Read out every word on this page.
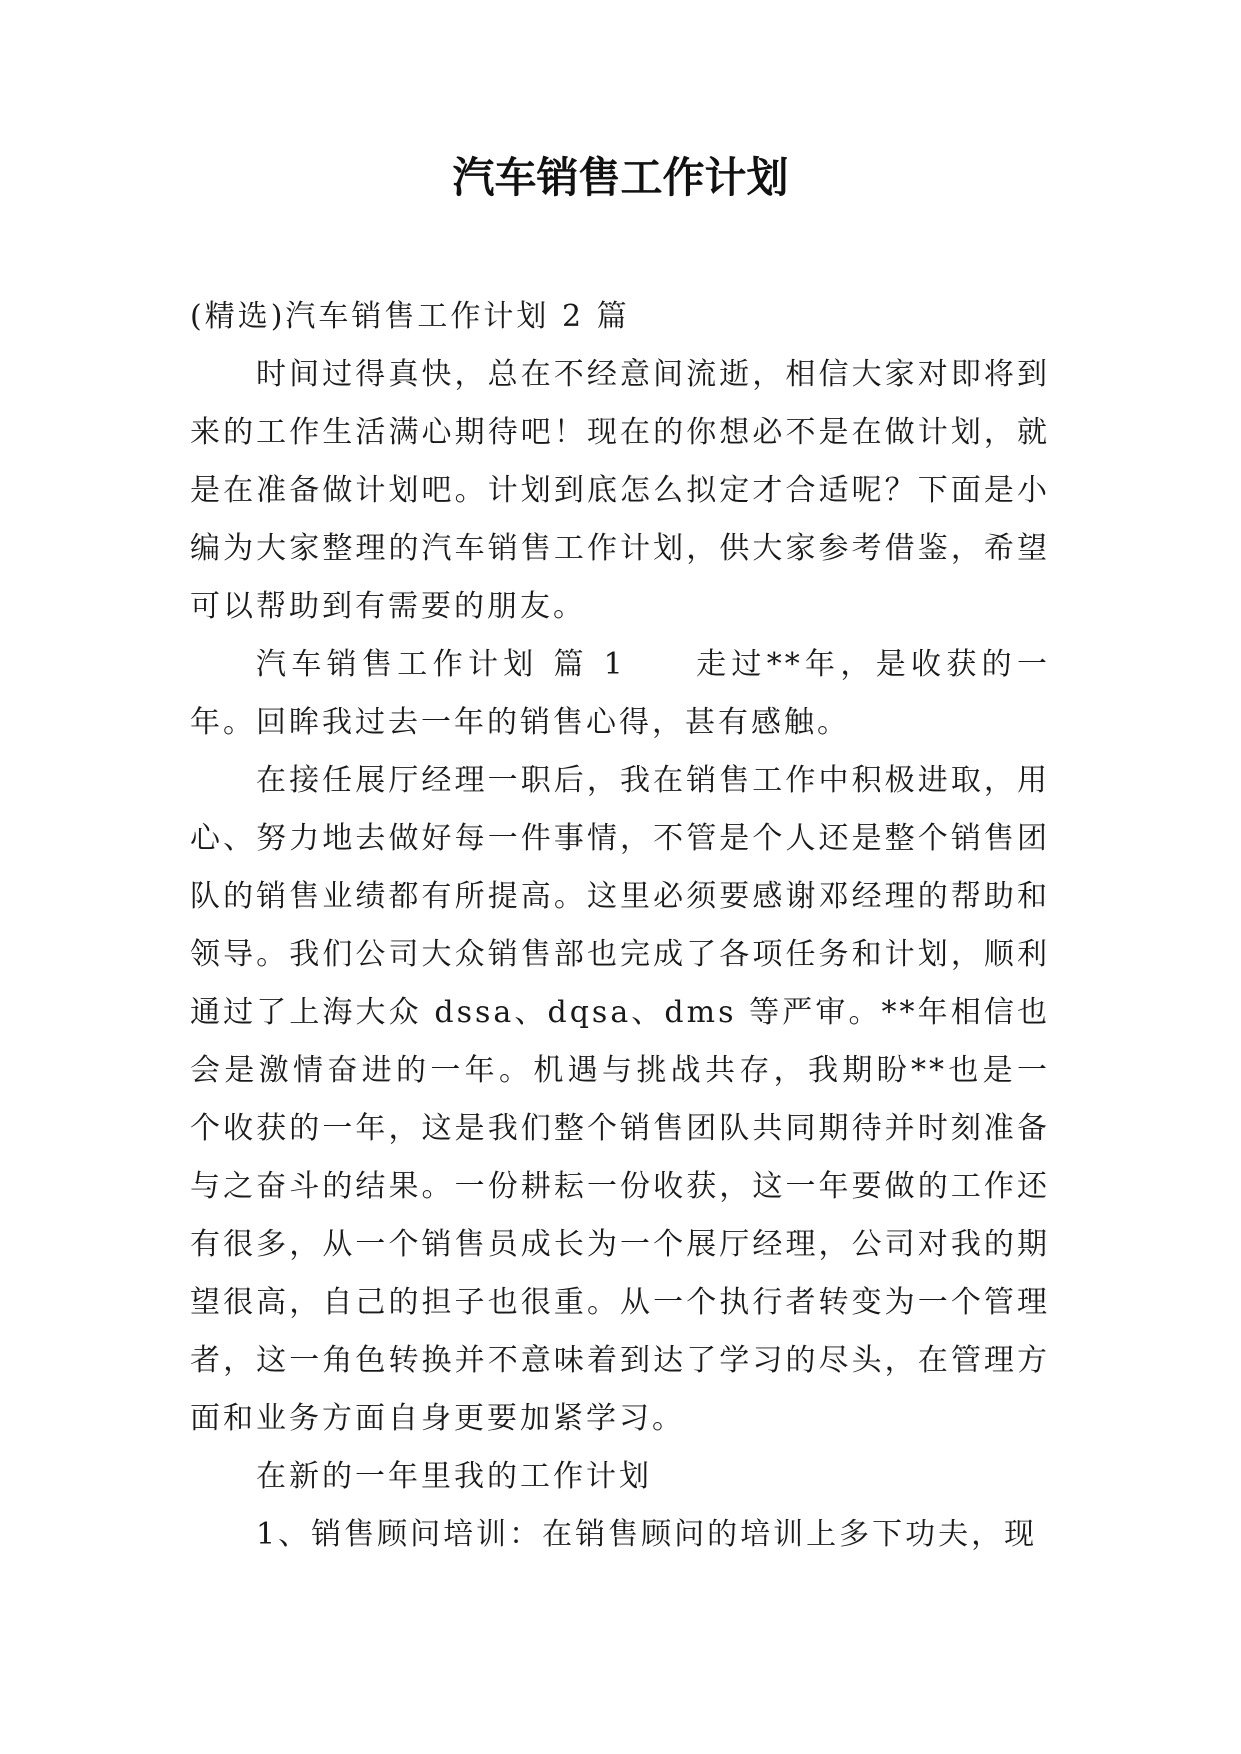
汽车销售工作计划

(精选)汽车销售工作计划 2 篇

时间过得真快，总在不经意间流逝，相信大家对即将到来的工作生活满心期待吧！现在的你想必不是在做计划，就是在准备做计划吧。计划到底怎么拟定才合适呢？下面是小编为大家整理的汽车销售工作计划，供大家参考借鉴，希望可以帮助到有需要的朋友。

汽车销售工作计划 篇 1 走过**年，是收获的一年。回眸我过去一年的销售心得，甚有感触。

在接任展厅经理一职后，我在销售工作中积极进取，用心、努力地去做好每一件事情，不管是个人还是整个销售团队的销售业绩都有所提高。这里必须要感谢邓经理的帮助和领导。我们公司大众销售部也完成了各项任务和计划，顺利通过了上海大众 dssa、dqsa、dms 等严审。**年相信也会是激情奋进的一年。机遇与挑战共存，我期盼**也是一个收获的一年，这是我们整个销售团队共同期待并时刻准备与之奋斗的结果。一份耕耘一份收获，这一年要做的工作还有很多，从一个销售员成长为一个展厅经理，公司对我的期望很高，自己的担子也很重。从一个执行者转变为一个管理者，这一角色转换并不意味着到达了学习的尽头，在管理方面和业务方面自身更要加紧学习。

在新的一年里我的工作计划

1、销售顾问培训：在销售顾问的培训上多下功夫，现
